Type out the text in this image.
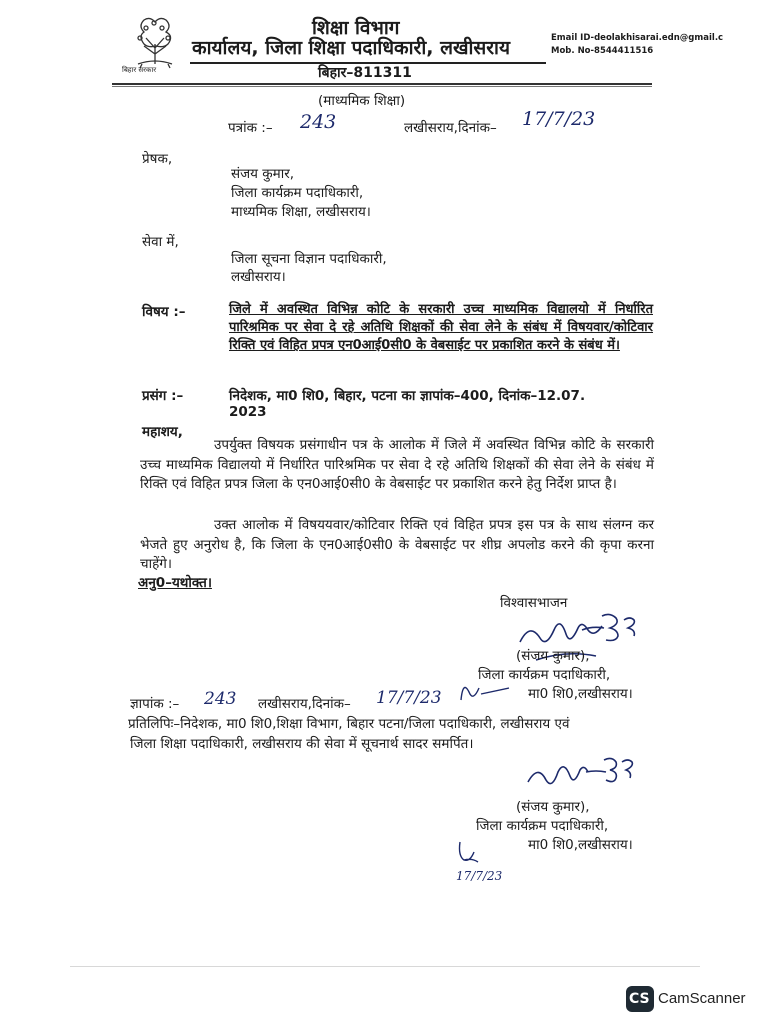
बिहार सरकार
शिक्षा विभाग
कार्यालय, जिला शिक्षा पदाधिकारी, लखीसराय
बिहार–811311
Email ID-deolakhisarai.edn@gmail.c
Mob. No-8544411516
(माध्यमिक शिक्षा)
पत्रांक :– 243	लखीसराय,दिनांक– 17/7/23
प्रेषक,
संजय कुमार,
जिला कार्यक्रम पदाधिकारी,
माध्यमिक शिक्षा, लखीसराय।
सेवा में,
जिला सूचना विज्ञान पदाधिकारी,
लखीसराय।
विषय :–	जिले में अवस्थित विभिन्न कोटि के सरकारी उच्च माध्यमिक विद्यालयो में निर्धारित पारिश्रमिक पर सेवा दे रहे अतिथि शिक्षकों की सेवा लेने के संबंध में विषयवार/कोटिवार रिक्ति एवं विहित प्रपत्र एन0आई0सी0 के वेबसाईट पर प्रकाशित करने के संबंध में।
प्रसंग :–	निदेशक, मा0 शि0, बिहार, पटना का ज्ञापांक–400, दिनांक–12.07.
2023
महाशय,
उपर्युक्त विषयक प्रसंगाधीन पत्र के आलोक में जिले में अवस्थित विभिन्न कोटि के सरकारी उच्च माध्यमिक विद्यालयो में निर्धारित पारिश्रमिक पर सेवा दे रहे अतिथि शिक्षकों की सेवा लेने के संबंध में रिक्ति एवं विहित प्रपत्र जिला के एन0आई0सी0 के वेबसाईट पर प्रकाशित करने हेतु निर्देश प्राप्त है।
उक्त आलोक में विषययवार/कोटिवार रिक्ति एवं विहित प्रपत्र इस पत्र के साथ संलग्न कर भेजते हुए अनुरोध है, कि जिला के एन0आई0सी0 के वेबसाईट पर शीघ्र अपलोड करने की कृपा करना चाहेंगे।
अनु0–यथोक्त।
विश्वासभाजन
(संजय कुमार),
जिला कार्यक्रम पदाधिकारी,
मा0 शि0,लखीसराय।
ज्ञापांक :– 243 लखीसराय,दिनांक– 17/7/23
प्रतिलिपिः–निदेशक, मा0 शि0,शिक्षा विभाग, बिहार पटना/जिला पदाधिकारी, लखीसराय एवं
जिला शिक्षा पदाधिकारी, लखीसराय की सेवा में सूचनार्थ सादर समर्पित।
(संजय कुमार),
जिला कार्यक्रम पदाधिकारी,
मा0 शि0,लखीसराय।
17/7/23
CS CamScanner
